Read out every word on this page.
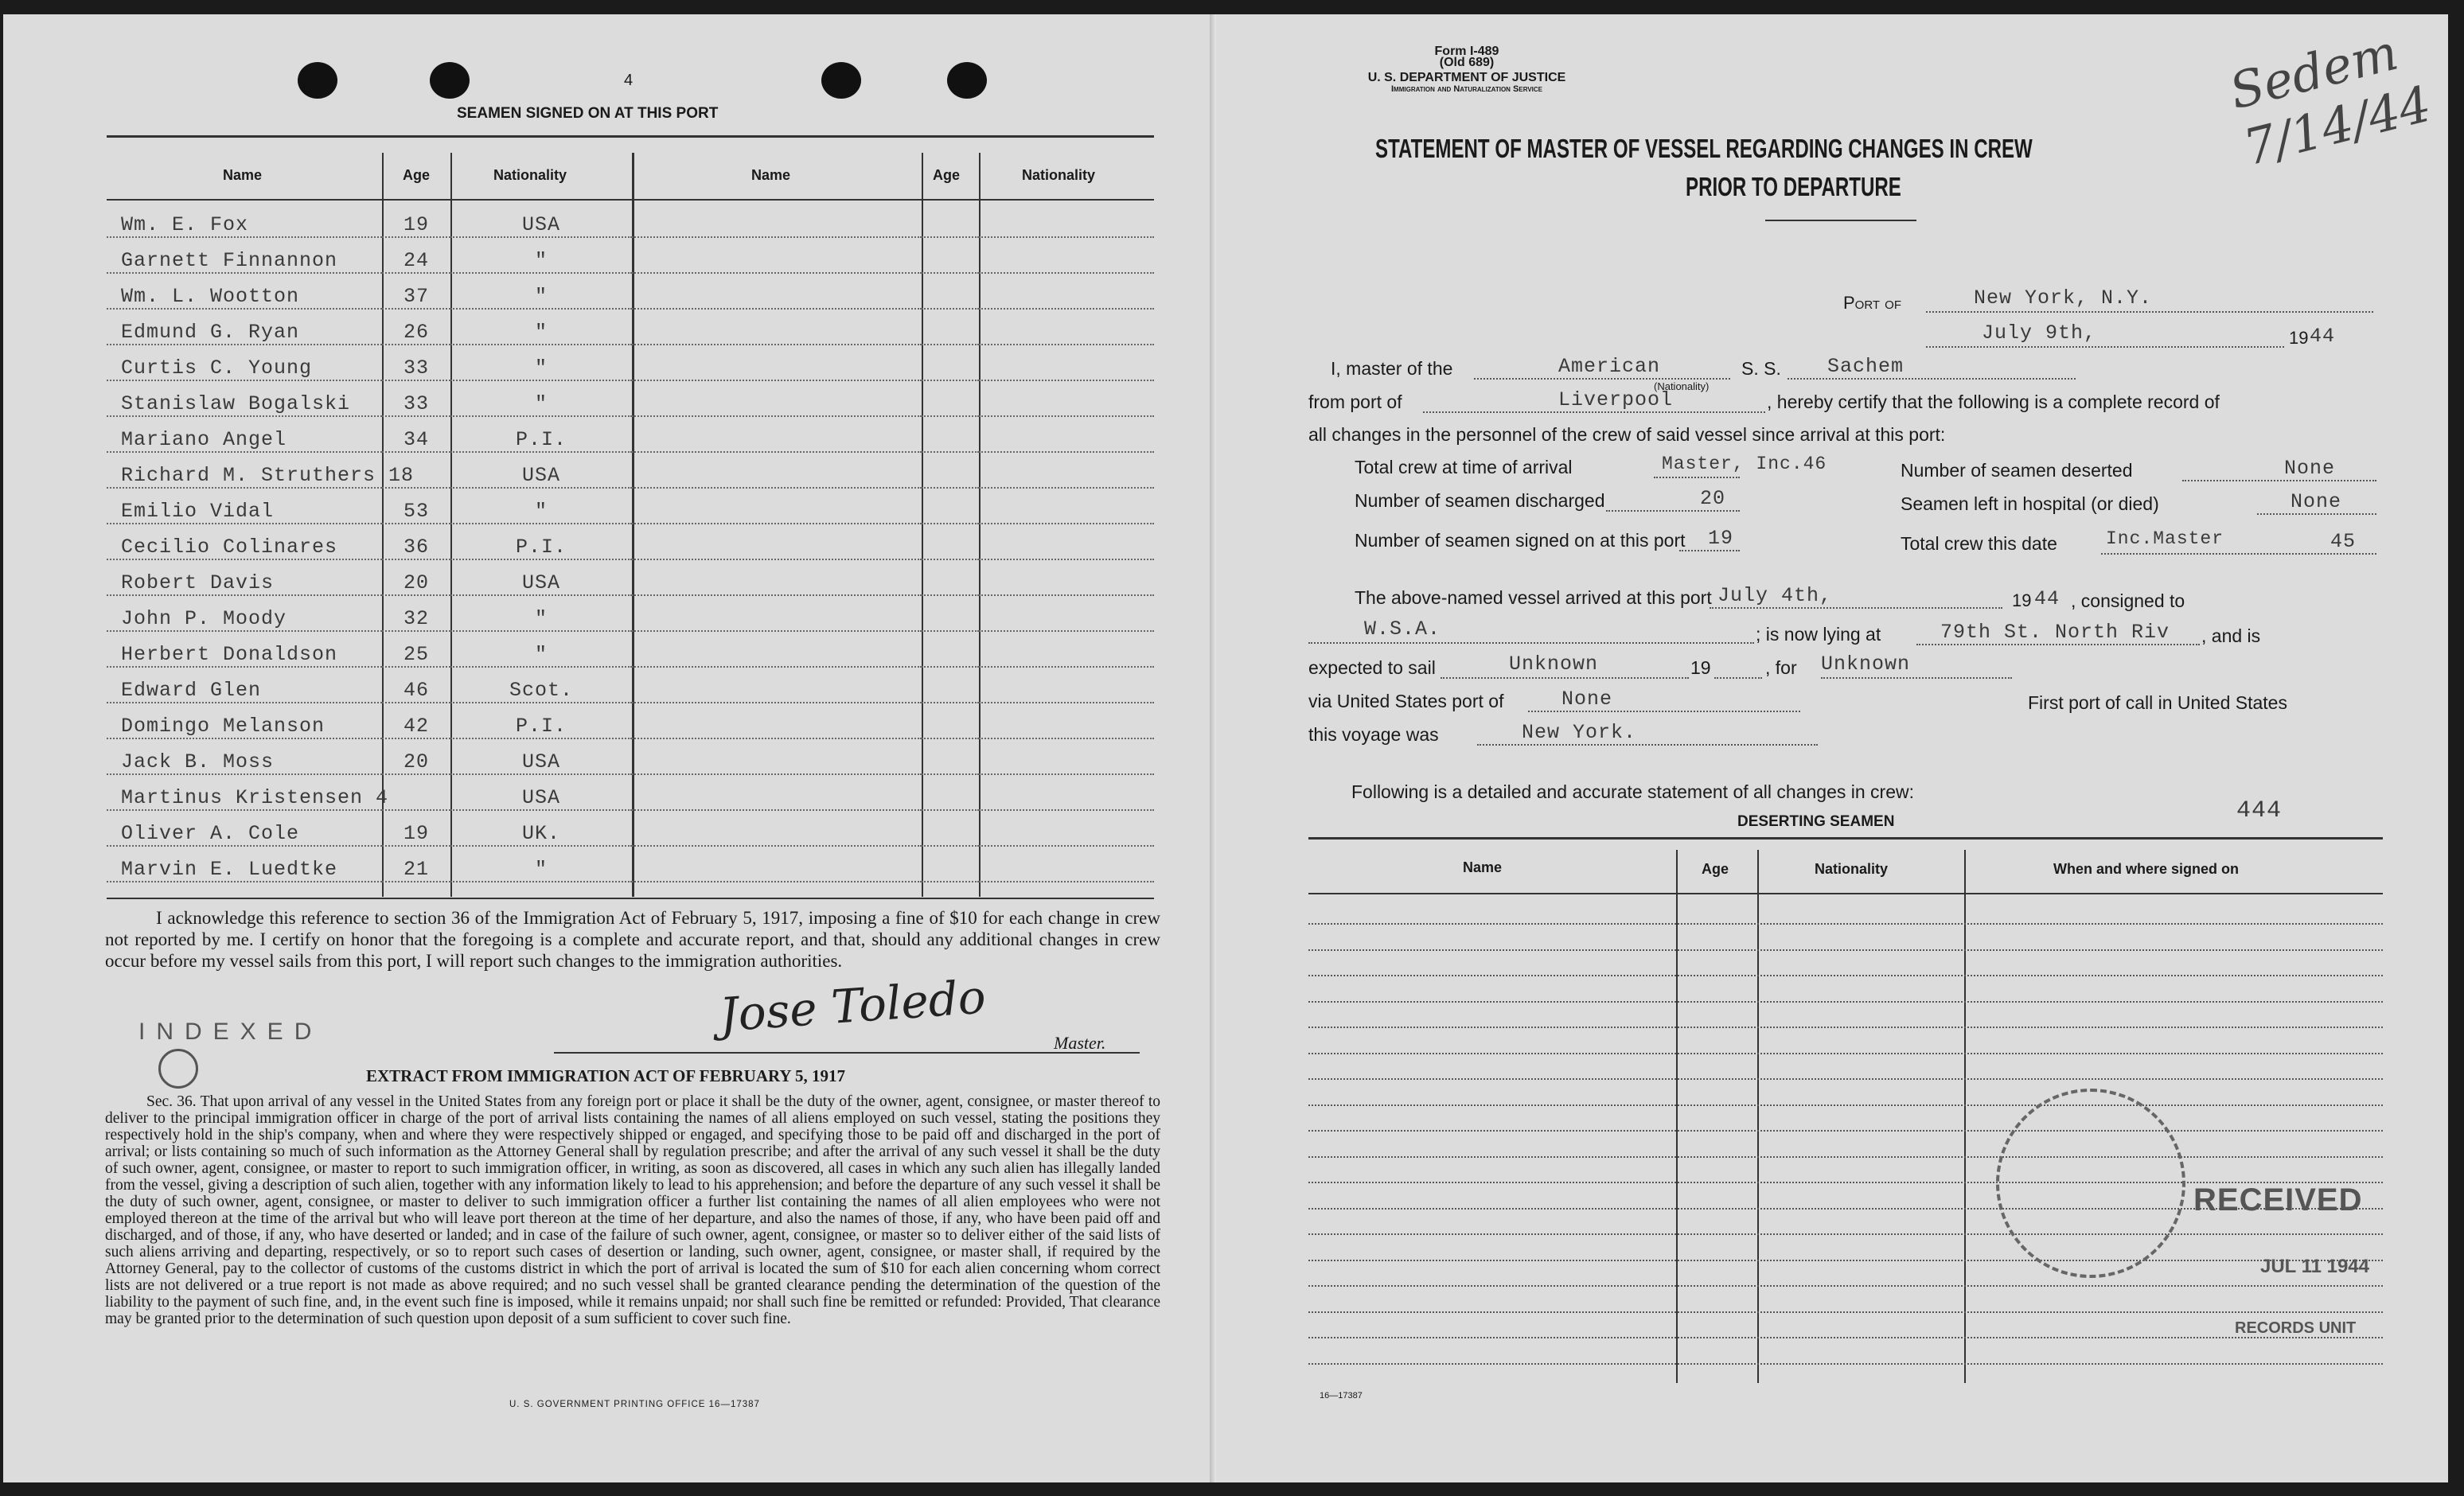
4
SEAMEN SIGNED ON AT THIS PORT
Name	Age	Nationality	Name	Age	Nationality
Wm. E. Fox	19	USA			
Garnett Finnannon	24	"			
Wm. L. Wootton	37	"			
Edmund G. Ryan	26	"			
Curtis C. Young	33	"			
Stanislaw Bogalski	33	"			
Mariano Angel	34	P.I.			
Richard M. Struthers 18		USA			
Emilio Vidal	53	"			
Cecilio Colinares	36	P.I.			
Robert Davis	20	USA			
John P. Moody	32	"			
Herbert Donaldson	25	"			
Edward Glen	46	Scot.			
Domingo Melanson	42	P.I.			
Jack B. Moss	20	USA			
Martinus Kristensen 4		USA			
Oliver A. Cole	19	UK.			
Marvin E. Luedtke	21	"			
I acknowledge this reference to section 36 of the Immigration Act of February 5, 1917, imposing a fine of $10 for each change in crew not reported by me. I certify on honor that the foregoing is a complete and accurate report, and that, should any additional changes in crew occur before my vessel sails from this port, I will report such changes to the immigration authorities.
INDEXED	Jose Toledo
Master.
EXTRACT FROM IMMIGRATION ACT OF FEBRUARY 5, 1917
Sec. 36. That upon arrival of any vessel in the United States from any foreign port or place it shall be the duty of the owner, agent, consignee, or master thereof to deliver to the principal immigration officer in charge of the port of arrival lists containing the names of all aliens employed on such vessel, stating the positions they respectively hold in the ship's company, when and where they were respectively shipped or engaged, and specifying those to be paid off and discharged in the port of arrival; or lists containing so much of such information as the Attorney General shall by regulation prescribe; and after the arrival of any such vessel it shall be the duty of such owner, agent, consignee, or master to report to such immigration officer, in writing, as soon as discovered, all cases in which any such alien has illegally landed from the vessel, giving a description of such alien, together with any information likely to lead to his apprehension; and before the departure of any such vessel it shall be the duty of such owner, agent, consignee, or master to deliver to such immigration officer a further list containing the names of all alien employees who were not employed thereon at the time of the arrival but who will leave port thereon at the time of her departure, and also the names of those, if any, who have been paid off and discharged, and of those, if any, who have deserted or landed; and in case of the failure of such owner, agent, consignee, or master so to deliver either of the said lists of such aliens arriving and departing, respectively, or so to report such cases of desertion or landing, such owner, agent, consignee, or master shall, if required by the Attorney General, pay to the collector of customs of the customs district in which the port of arrival is located the sum of $10 for each alien concerning whom correct lists are not delivered or a true report is not made as above required; and no such vessel shall be granted clearance pending the determination of the question of the liability to the payment of such fine, and, in the event such fine is imposed, while it remains unpaid; nor shall such fine be remitted or refunded: Provided, That clearance may be granted prior to the determination of such question upon deposit of a sum sufficient to cover such fine.
U. S. GOVERNMENT PRINTING OFFICE 16—17387
Form I-489
(Old 689)
U. S. DEPARTMENT OF JUSTICE
Immigration and Naturalization Service	Sedem 7/14/44
STATEMENT OF MASTER OF VESSEL REGARDING CHANGES IN CREW
PRIOR TO DEPARTURE
Port of	New York, N.Y.
July 9th,	19 44
I, master of the	American
(Nationality)
S. S. Sachem
from port of	Liverpool	, hereby certify that the following is a complete record of
all changes in the personnel of the crew of said vessel since arrival at this port:
Total crew at time of arrival	Master, Inc.46	Number of seamen deserted	None
Number of seamen discharged	20	Seamen left in hospital (or died)	None
Number of seamen signed on at this port 19	Total crew this date	Inc.Master	45
The above-named vessel arrived at this port July 4th,	19 44 , consigned to
W.S.A.	; is now lying at	79th St. North Riv , and is
expected to sail	Unknown	19	, for Unknown
via United States port of	None	First port of call in United States
this voyage was	New York.
Following is a detailed and accurate statement of all changes in crew:
444
DESERTING SEAMEN
Name	Age	Nationality	When and where signed on
RECEIVED
JUL 11 1944
RECORDS UNIT
16—17387
